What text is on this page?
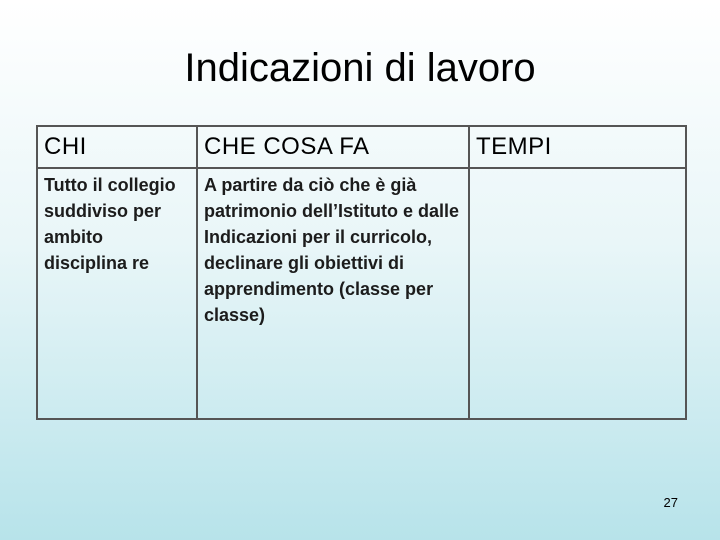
Indicazioni di lavoro
CHI	CHE COSA FA	TEMPI
Tutto il collegio suddiviso per ambito disciplina re	A partire da ciò che è già patrimonio dell’Istituto e dalle Indicazioni per il curricolo, declinare gli obiettivi di apprendimento (classe per classe)	
27
